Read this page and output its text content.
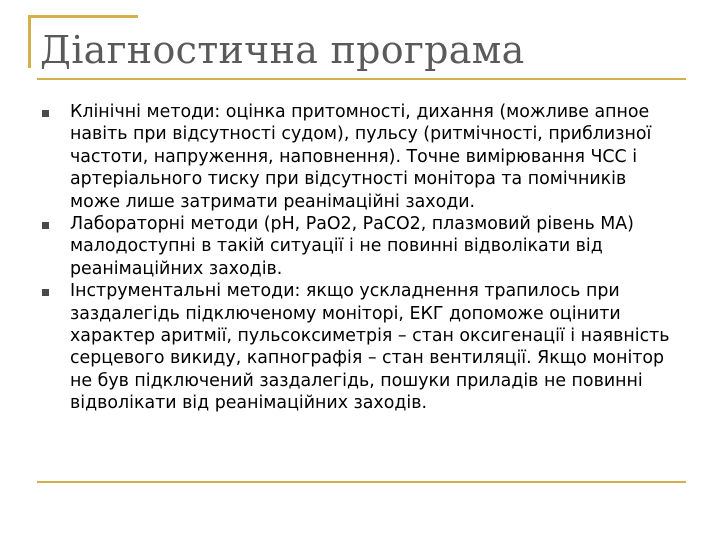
Діагностична програма
Клінічні методи: оцінка притомності, дихання (можливе апное навіть при відсутності судом), пульсу (ритмічності, приблизної частоти, напруження, наповнення). Точне вимірювання ЧСС і артеріального тиску при відсутності монітора та помічників може лише затримати реанімаційні заходи.
Лабораторні методи (рН, РаО2, РаСО2, плазмовий рівень МА) малодоступні в такій ситуації і не повинні відволікати від реанімаційних заходів.
Інструментальні методи: якщо ускладнення трапилось при заздалегідь підключеному моніторі, ЕКГ допоможе оцінити характер аритмії, пульсоксиметрія – стан оксигенації і наявність серцевого викиду, капнографія – стан вентиляції. Якщо монітор не був підключений заздалегідь, пошуки приладів не повинні відволікати від реанімаційних заходів.
